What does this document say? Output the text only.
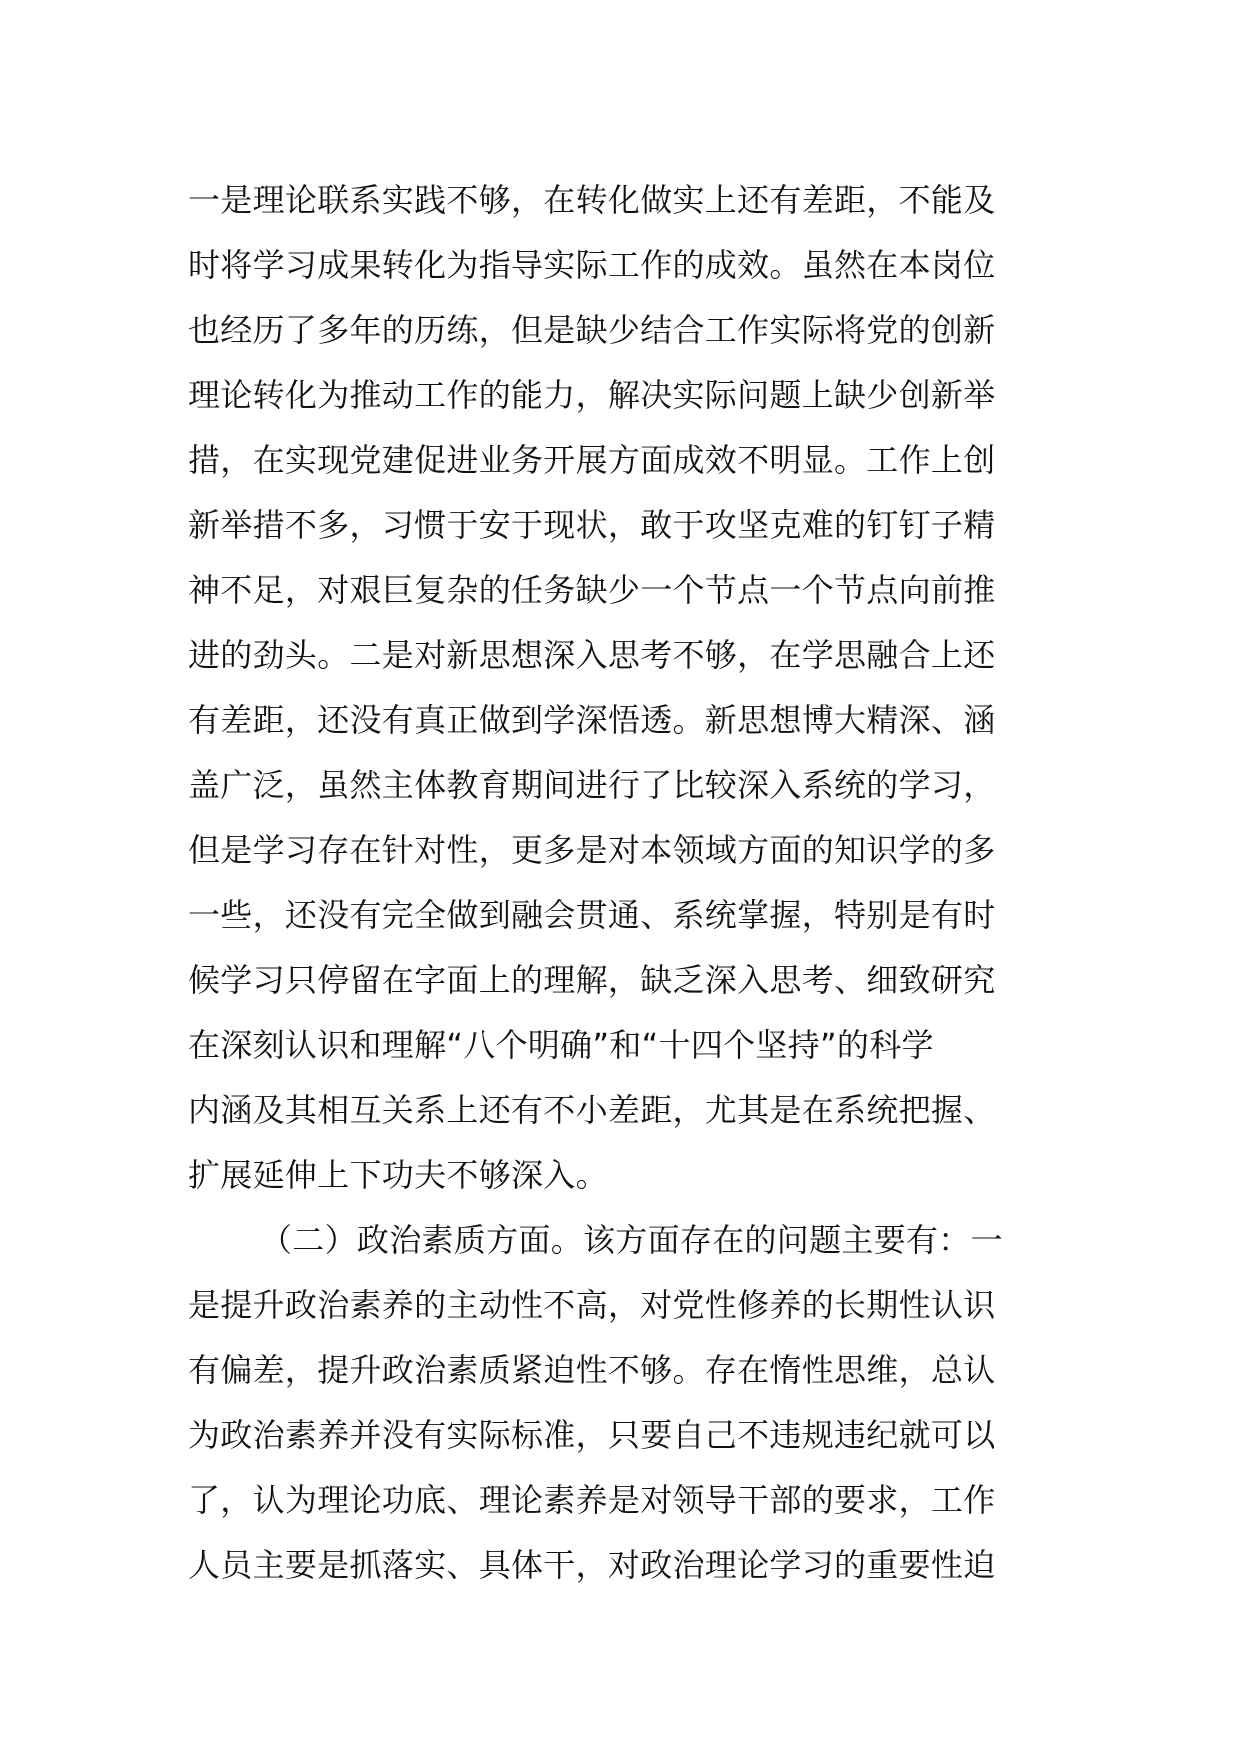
一是理论联系实践不够，在转化做实上还有差距，不能及
时将学习成果转化为指导实际工作的成效。虽然在本岗位
也经历了多年的历练，但是缺少结合工作实际将党的创新
理论转化为推动工作的能力，解决实际问题上缺少创新举
措，在实现党建促进业务开展方面成效不明显。工作上创
新举措不多，习惯于安于现状，敢于攻坚克难的钉钉子精
神不足，对艰巨复杂的任务缺少一个节点一个节点向前推
进的劲头。二是对新思想深入思考不够，在学思融合上还
有差距，还没有真正做到学深悟透。新思想博大精深、涵
盖广泛，虽然主体教育期间进行了比较深入系统的学习，
但是学习存在针对性，更多是对本领域方面的知识学的多
一些，还没有完全做到融会贯通、系统掌握，特别是有时
候学习只停留在字面上的理解，缺乏深入思考、细致研究
在深刻认识和理解“八个明确”和“十四个坚持”的科学
内涵及其相互关系上还有不小差距，尤其是在系统把握、
扩展延伸上下功夫不够深入。
（二）政治素质方面。该方面存在的问题主要有：一
是提升政治素养的主动性不高，对党性修养的长期性认识
有偏差，提升政治素质紧迫性不够。存在惰性思维，总认
为政治素养并没有实际标准，只要自己不违规违纪就可以
了，认为理论功底、理论素养是对领导干部的要求，工作
人员主要是抓落实、具体干，对政治理论学习的重要性迫
